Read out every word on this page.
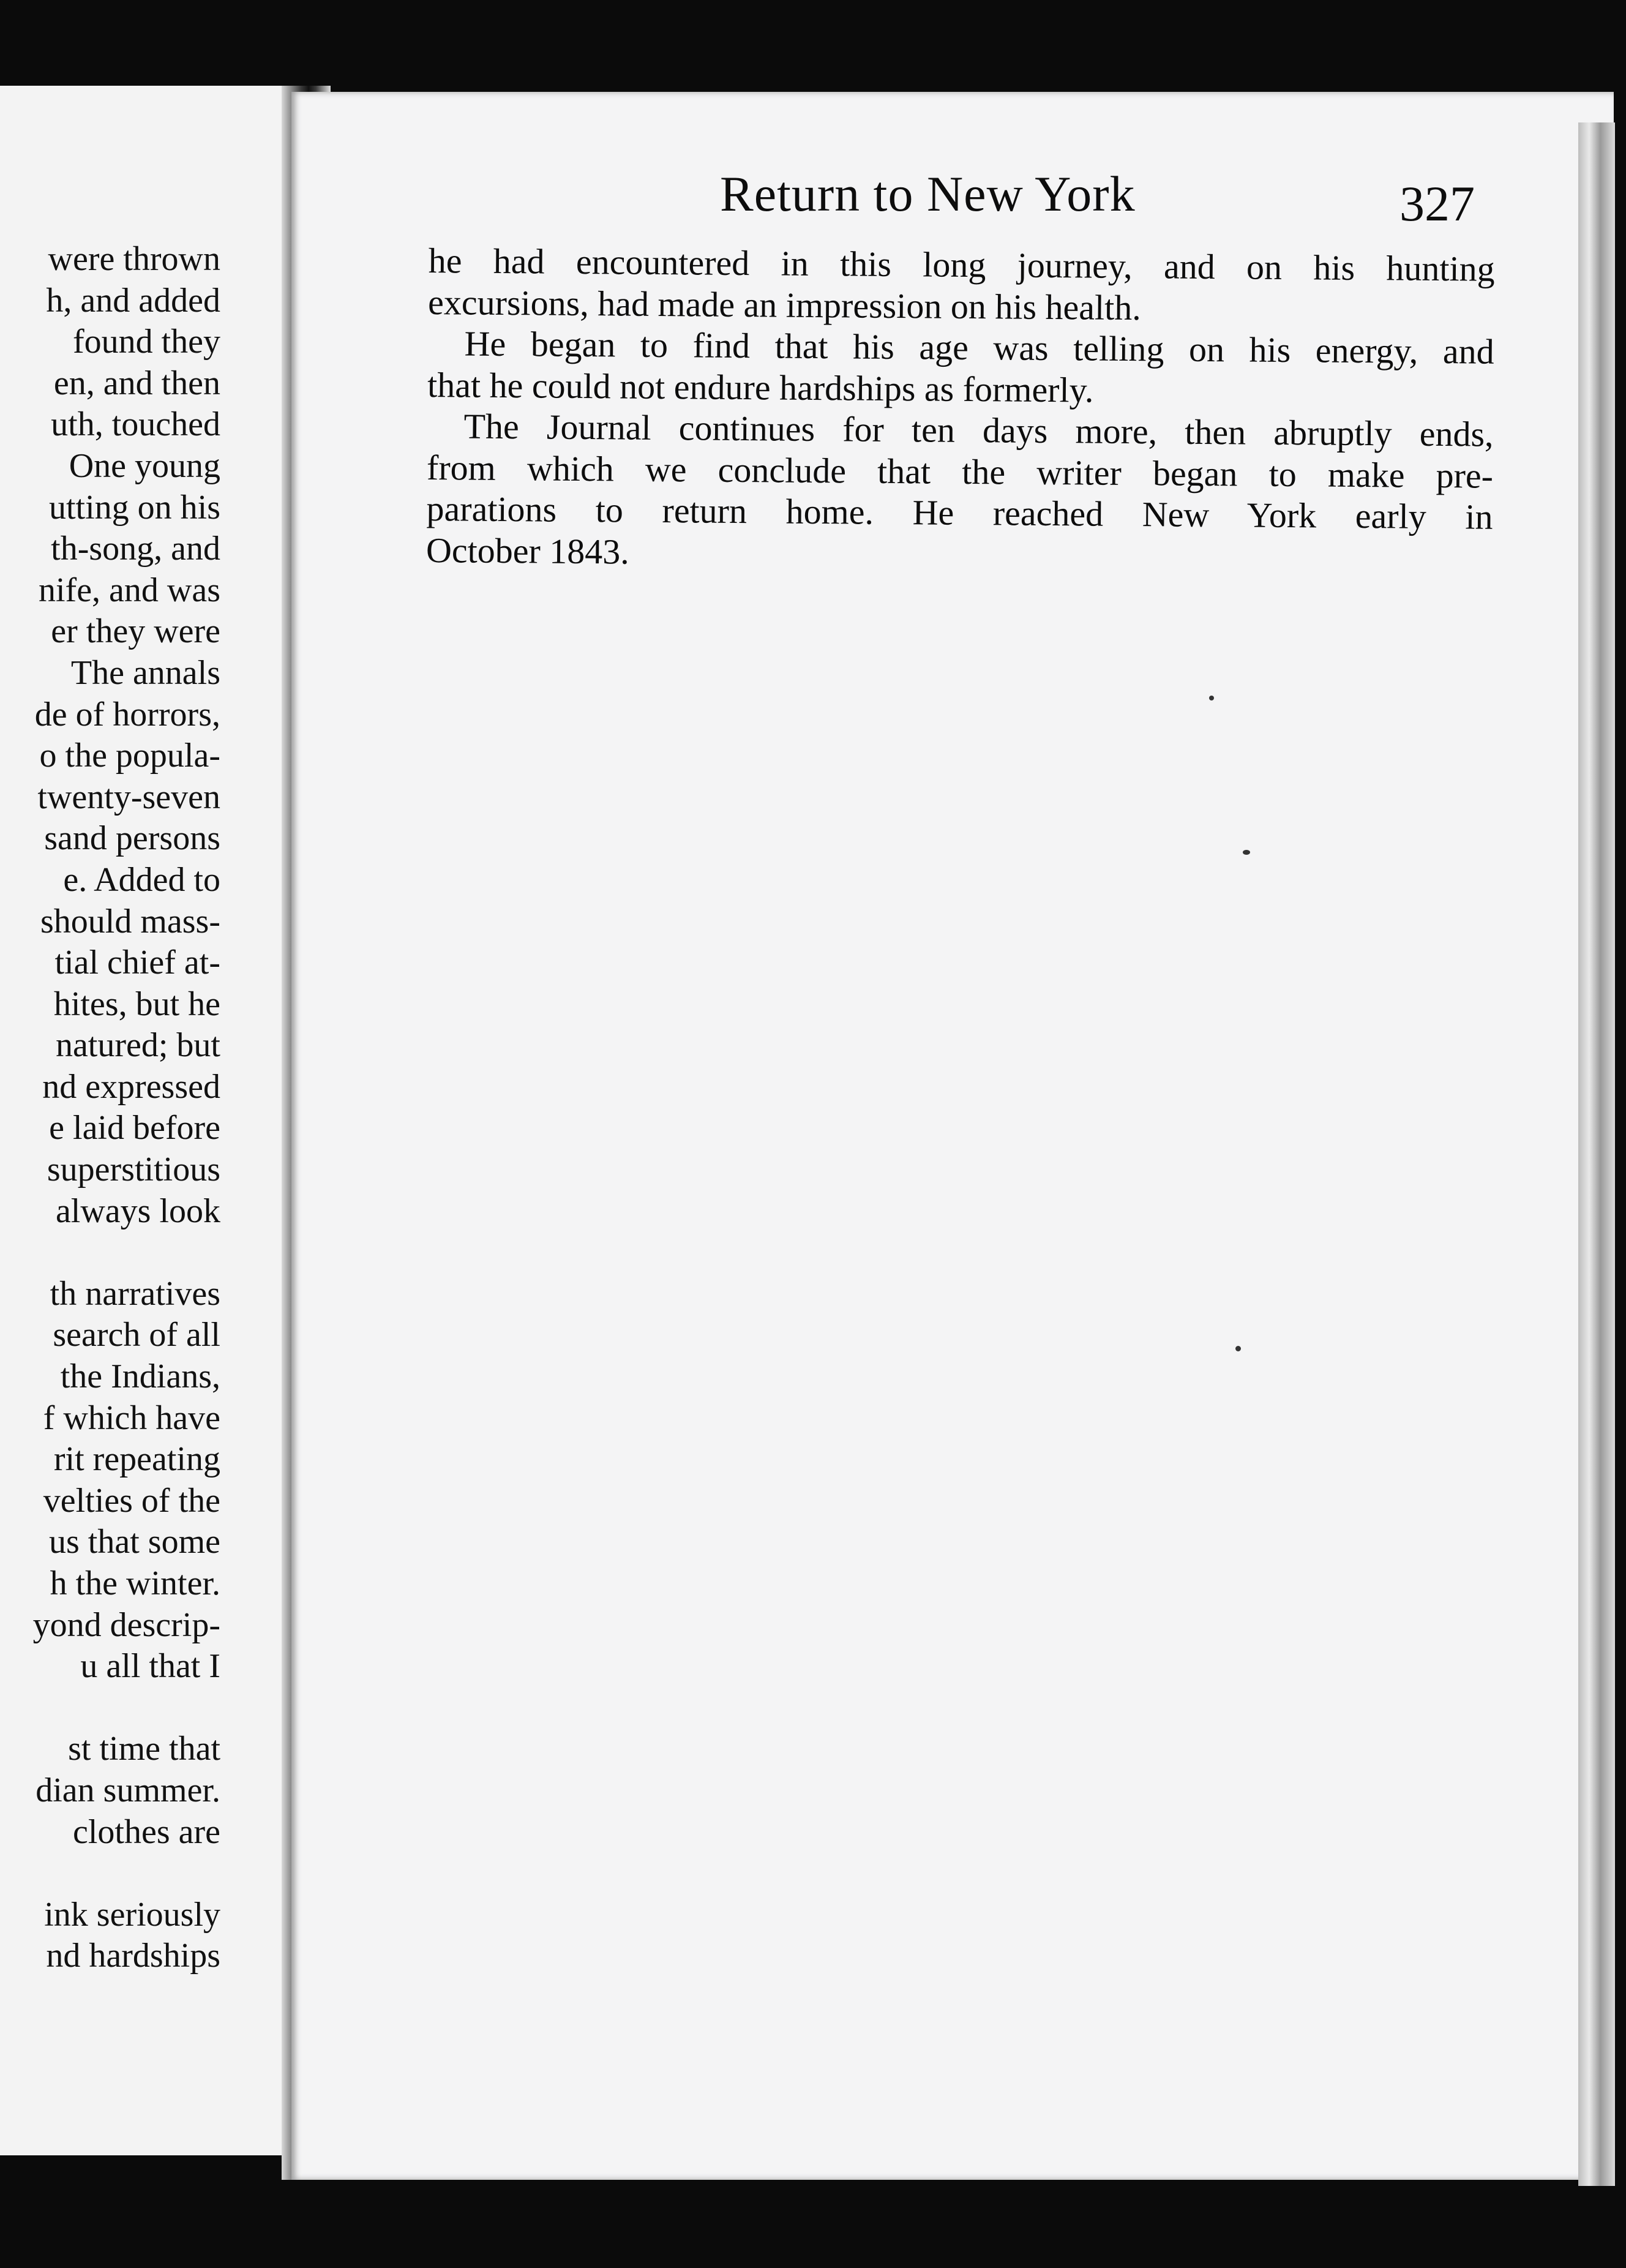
were thrown
h, and added
found they
en, and then
uth, touched
One young
utting on his
th-song, and
nife, and was
er they were
The annals
de of horrors,
o the popula-
twenty-seven
sand persons
e. Added to
should mass-
tial chief at-
hites, but he
natured; but
nd expressed
e laid before
superstitious
always look
th narratives
search of all
the Indians,
f which have
rit repeating
velties of the
us that some
h the winter.
yond descrip-
u all that I
st time that
dian summer.
clothes are
ink seriously
nd hardships
Return to New York	327
he had encountered in this long journey, and on his hunting
excursions, had made an impression on his health.
He began to find that his age was telling on his energy, and
that he could not endure hardships as formerly.
The Journal continues for ten days more, then abruptly ends,
from which we conclude that the writer began to make pre-
parations to return home. He reached New York early in
October 1843.
